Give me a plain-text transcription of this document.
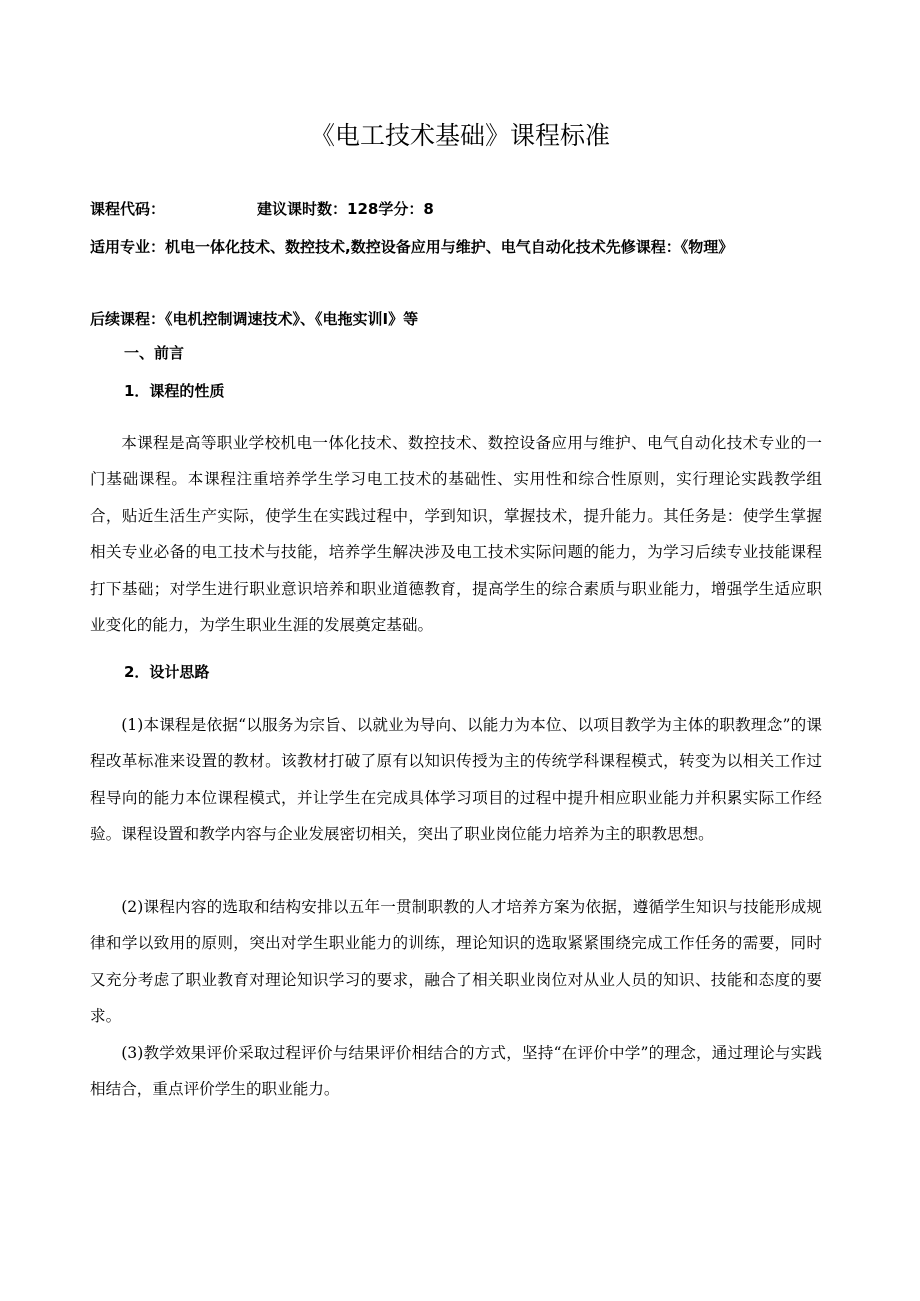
《电工技术基础》课程标准

课程代码：	建议课时数：128学分：8

适用专业：机电一体化技术、数控技术,数控设备应用与维护、电气自动化技术先修课程：《物理》

后续课程：《电机控制调速技术》、《电拖实训I》等

一、前言

1．课程的性质

本课程是高等职业学校机电一体化技术、数控技术、数控设备应用与维护、电气自动化技术专业的一门基础课程。本课程注重培养学生学习电工技术的基础性、实用性和综合性原则，实行理论实践教学组合，贴近生活生产实际，使学生在实践过程中，学到知识，掌握技术，提升能力。其任务是：使学生掌握相关专业必备的电工技术与技能，培养学生解决涉及电工技术实际问题的能力，为学习后续专业技能课程打下基础；对学生进行职业意识培养和职业道德教育，提高学生的综合素质与职业能力，增强学生适应职业变化的能力，为学生职业生涯的发展奠定基础。

2．设计思路

(1)本课程是依据“以服务为宗旨、以就业为导向、以能力为本位、以项目教学为主体的职教理念”的课程改革标准来设置的教材。该教材打破了原有以知识传授为主的传统学科课程模式，转变为以相关工作过程导向的能力本位课程模式，并让学生在完成具体学习项目的过程中提升相应职业能力并积累实际工作经验。课程设置和教学内容与企业发展密切相关，突出了职业岗位能力培养为主的职教思想。

(2)课程内容的选取和结构安排以五年一贯制职教的人才培养方案为依据，遵循学生知识与技能形成规律和学以致用的原则，突出对学生职业能力的训练，理论知识的选取紧紧围绕完成工作任务的需要，同时又充分考虑了职业教育对理论知识学习的要求，融合了相关职业岗位对从业人员的知识、技能和态度的要求。

(3)教学效果评价采取过程评价与结果评价相结合的方式，坚持“在评价中学”的理念，通过理论与实践相结合，重点评价学生的职业能力。
